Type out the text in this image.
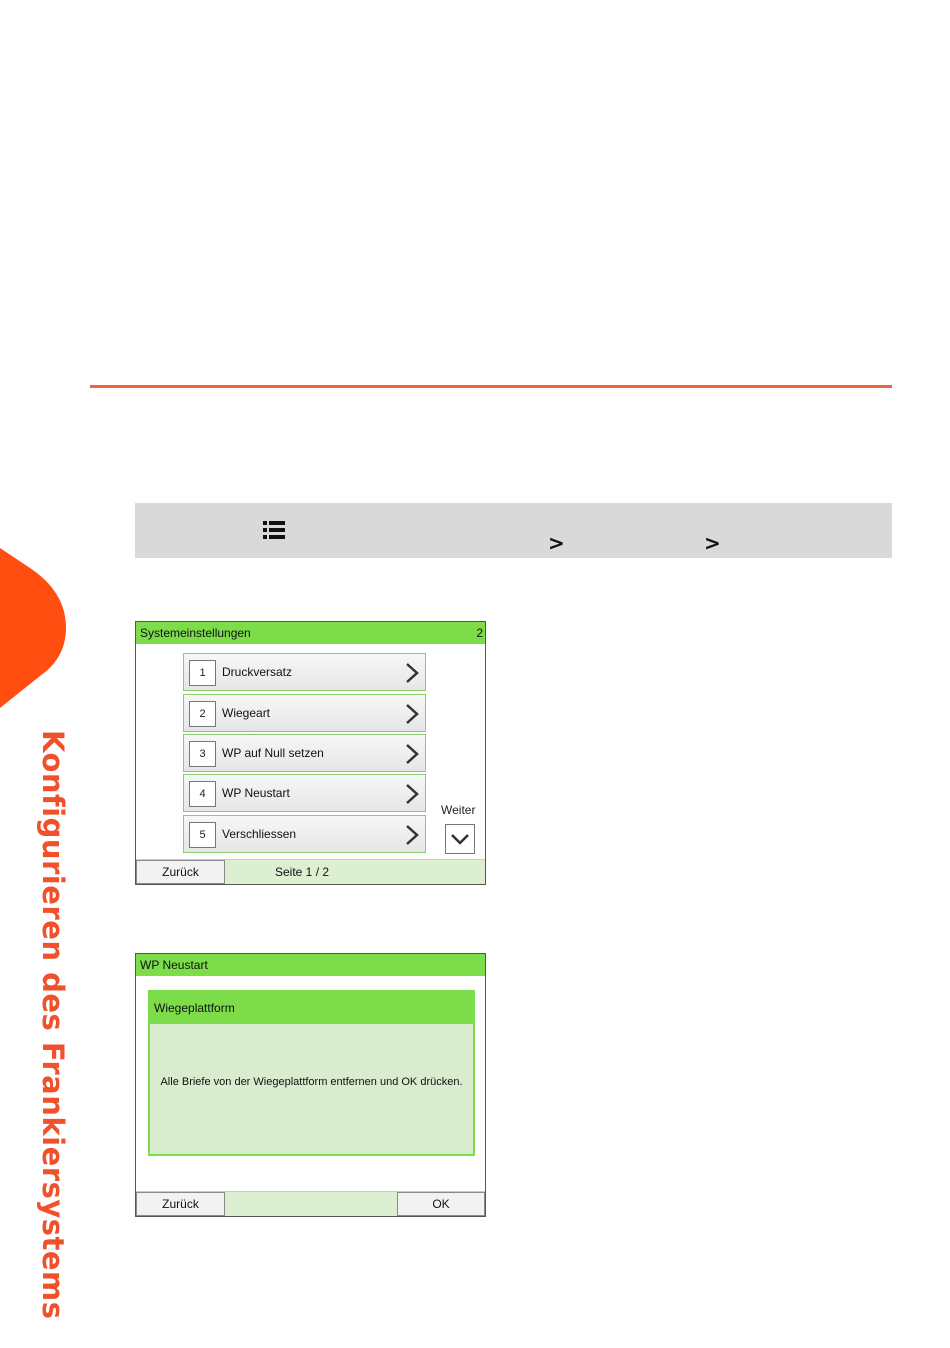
>	>
Konfigurieren des Frankiersystems
Systemeinstellungen	2
1	Druckversatz
2	Wiegeart
3	WP auf Null setzen
4	WP Neustart
5	Verschliessen
Weiter
Zurück	Seite 1 / 2
WP Neustart
Wiegeplattform
Alle Briefe von der Wiegeplattform entfernen und OK drücken.
Zurück	OK
